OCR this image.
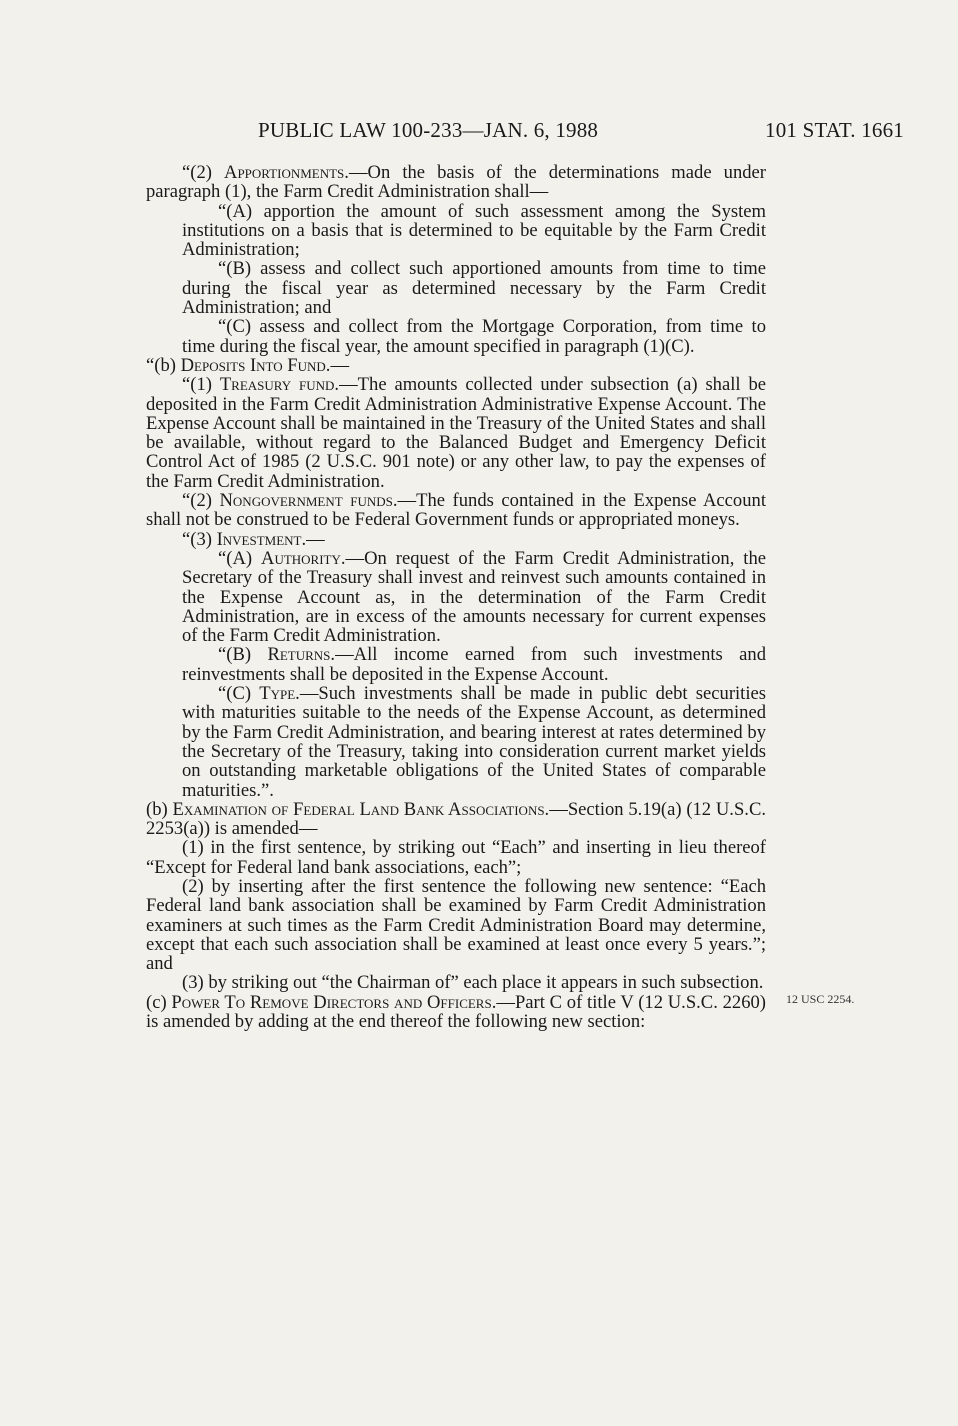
PUBLIC LAW 100-233—JAN. 6, 1988	101 STAT. 1661

“(2) Apportionments.—On the basis of the determinations made under paragraph (1), the Farm Credit Administration shall—

“(A) apportion the amount of such assessment among the System institutions on a basis that is determined to be equitable by the Farm Credit Administration;

“(B) assess and collect such apportioned amounts from time to time during the fiscal year as determined necessary by the Farm Credit Administration; and

“(C) assess and collect from the Mortgage Corporation, from time to time during the fiscal year, the amount specified in paragraph (1)(C).

“(b) Deposits Into Fund.—

“(1) Treasury fund.—The amounts collected under subsection (a) shall be deposited in the Farm Credit Administration Administrative Expense Account. The Expense Account shall be maintained in the Treasury of the United States and shall be available, without regard to the Balanced Budget and Emergency Deficit Control Act of 1985 (2 U.S.C. 901 note) or any other law, to pay the expenses of the Farm Credit Administration.

“(2) Nongovernment funds.—The funds contained in the Expense Account shall not be construed to be Federal Government funds or appropriated moneys.

“(3) Investment.—

“(A) Authority.—On request of the Farm Credit Administration, the Secretary of the Treasury shall invest and reinvest such amounts contained in the Expense Account as, in the determination of the Farm Credit Administration, are in excess of the amounts necessary for current expenses of the Farm Credit Administration.

“(B) Returns.—All income earned from such investments and reinvestments shall be deposited in the Expense Account.

“(C) Type.—Such investments shall be made in public debt securities with maturities suitable to the needs of the Expense Account, as determined by the Farm Credit Administration, and bearing interest at rates determined by the Secretary of the Treasury, taking into consideration current market yields on outstanding marketable obligations of the United States of comparable maturities.”.

(b) Examination of Federal Land Bank Associations.—Section 5.19(a) (12 U.S.C. 2253(a)) is amended—

(1) in the first sentence, by striking out “Each” and inserting in lieu thereof “Except for Federal land bank associations, each”;

(2) by inserting after the first sentence the following new sentence: “Each Federal land bank association shall be examined by Farm Credit Administration examiners at such times as the Farm Credit Administration Board may determine, except that each such association shall be examined at least once every 5 years.”; and

(3) by striking out “the Chairman of” each place it appears in such subsection.

(c) Power To Remove Directors and Officers.—Part C of title V (12 U.S.C. 2260) is amended by adding at the end thereof the following new section:

12 USC 2254.
